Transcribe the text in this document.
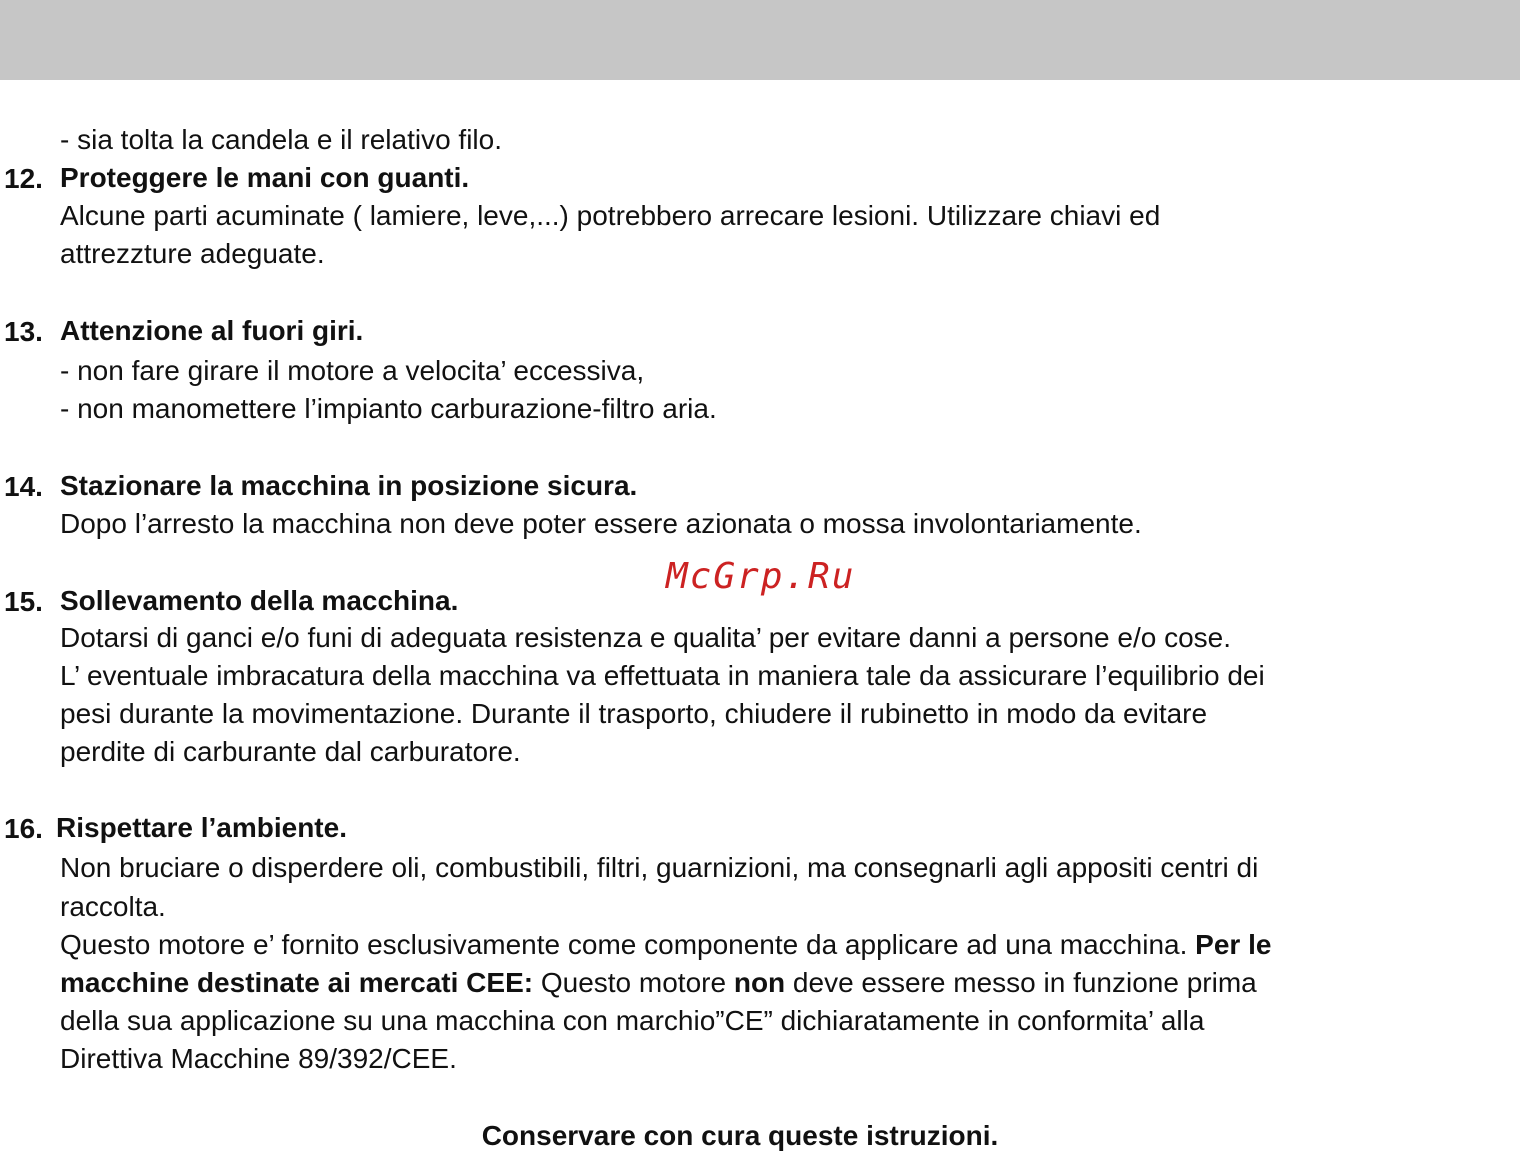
- sia tolta la candela e il relativo filo.
12. Proteggere le mani con guanti.
Alcune parti acuminate ( lamiere, leve,...) potrebbero arrecare lesioni. Utilizzare chiavi ed
attrezzture adeguate.
13. Attenzione al fuori giri.
- non fare girare il motore a velocita’ eccessiva,
- non manomettere l’impianto carburazione-filtro aria.
14. Stazionare la macchina in posizione sicura.
Dopo l’arresto la macchina non deve poter essere azionata o mossa involontariamente.
15. Sollevamento della macchina.
Dotarsi di ganci e/o funi di adeguata resistenza e qualita’ per evitare danni a persone e/o cose.
L’ eventuale imbracatura della macchina va effettuata in maniera tale da assicurare l’equilibrio dei
pesi durante la movimentazione. Durante il trasporto, chiudere il rubinetto in modo da evitare
perdite di carburante dal carburatore.
16. Rispettare l’ambiente.
Non bruciare o disperdere oli, combustibili, filtri, guarnizioni, ma consegnarli agli appositi centri di
raccolta.
Questo motore e’ fornito esclusivamente come componente da applicare ad una macchina. Per le
macchine destinate ai mercati CEE: Questo motore non deve essere messo in funzione prima
della sua applicazione su una macchina con marchio”CE” dichiaratamente in conformita’ alla
Direttiva Macchine 89/392/CEE.
Conservare con cura queste istruzioni.
McGrp.Ru
